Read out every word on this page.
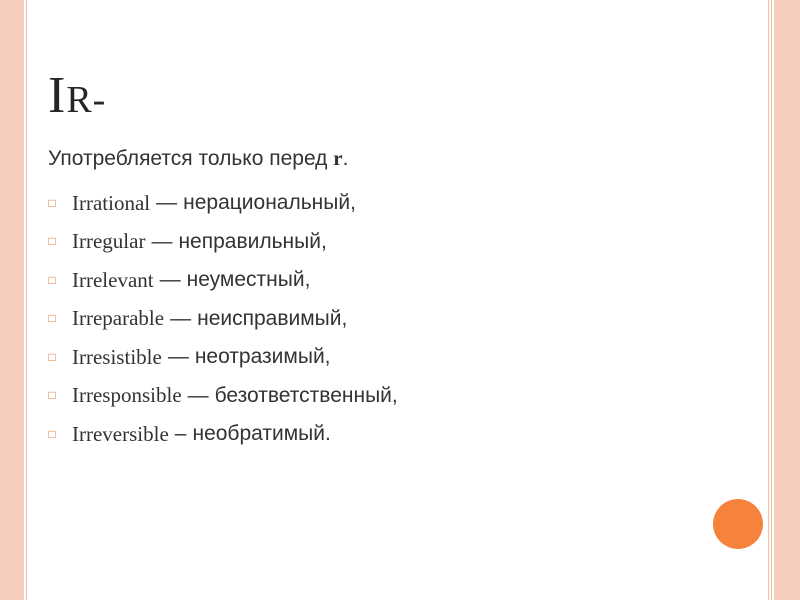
IR-
Употребляется только перед r.
□ Irrational — нерациональный,
□ Irregular — неправильный,
□ Irrelevant — неуместный,
□ Irreparable — неисправимый,
□ Irresistible — неотразимый,
□ Irresponsible — безответственный,
□ Irreversible – необратимый.
